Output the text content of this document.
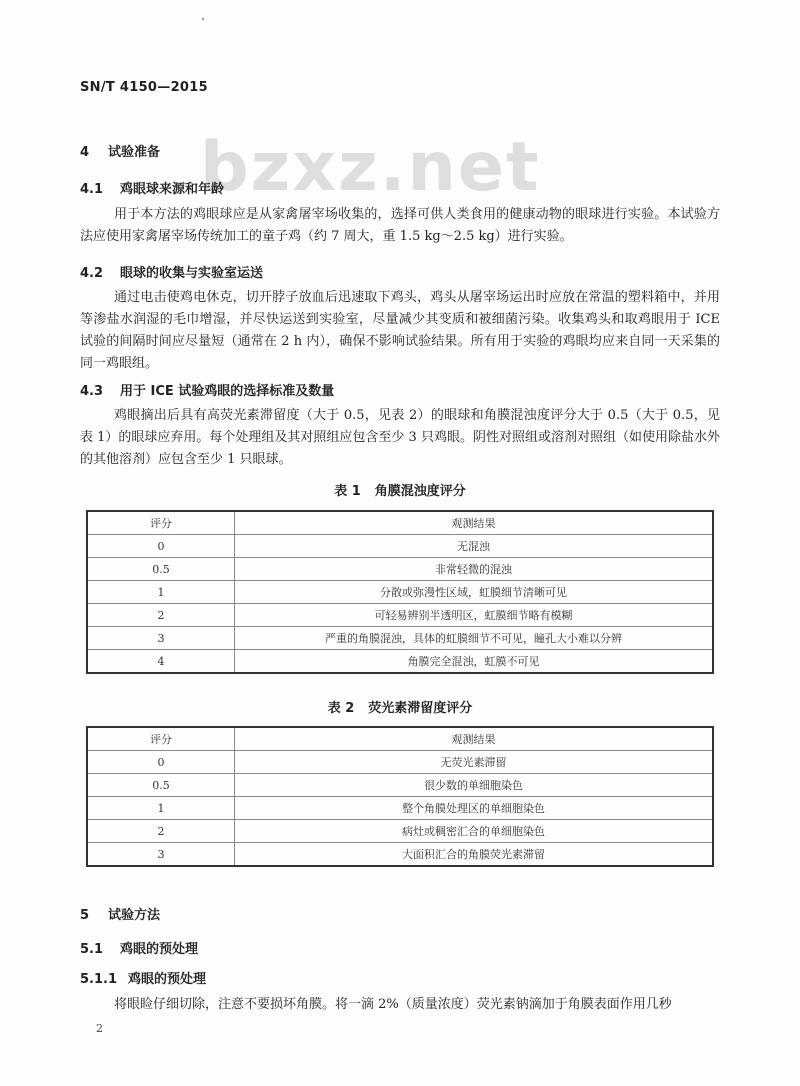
SN/T 4150—2015
bzxz.net
4 试验准备
4.1 鸡眼球来源和年龄
用于本方法的鸡眼球应是从家禽屠宰场收集的，选择可供人类食用的健康动物的眼球进行实验。本试验方法应使用家禽屠宰场传统加工的童子鸡（约 7 周大，重 1.5 kg～2.5 kg）进行实验。
4.2 眼球的收集与实验室运送
通过电击使鸡电休克，切开脖子放血后迅速取下鸡头，鸡头从屠宰场运出时应放在常温的塑料箱中，并用等渗盐水润湿的毛巾增湿，并尽快运送到实验室，尽量减少其变质和被细菌污染。收集鸡头和取鸡眼用于 ICE 试验的间隔时间应尽量短（通常在 2 h 内），确保不影响试验结果。所有用于实验的鸡眼均应来自同一天采集的同一鸡眼组。
4.3 用于 ICE 试验鸡眼的选择标准及数量
鸡眼摘出后具有高荧光素滞留度（大于 0.5，见表 2）的眼球和角膜混浊度评分大于 0.5（大于 0.5，见表 1）的眼球应弃用。每个处理组及其对照组应包含至少 3 只鸡眼。阴性对照组或溶剂对照组（如使用除盐水外的其他溶剂）应包含至少 1 只眼球。
表 1 角膜混浊度评分
评分	观测结果
0	无混浊
0.5	非常轻微的混浊
1	分散或弥漫性区域，虹膜细节清晰可见
2	可轻易辨别半透明区，虹膜细节略有模糊
3	严重的角膜混浊，具体的虹膜细节不可见，瞳孔大小难以分辨
4	角膜完全混浊，虹膜不可见
表 2 荧光素滞留度评分
评分	观测结果
0	无荧光素滞留
0.5	很少数的单细胞染色
1	整个角膜处理区的单细胞染色
2	病灶或稠密汇合的单细胞染色
3	大面积汇合的角膜荧光素滞留
5 试验方法
5.1 鸡眼的预处理
5.1.1 鸡眼的预处理
将眼睑仔细切除，注意不要损坏角膜。将一滴 2%（质量浓度）荧光素钠滴加于角膜表面作用几秒
2
